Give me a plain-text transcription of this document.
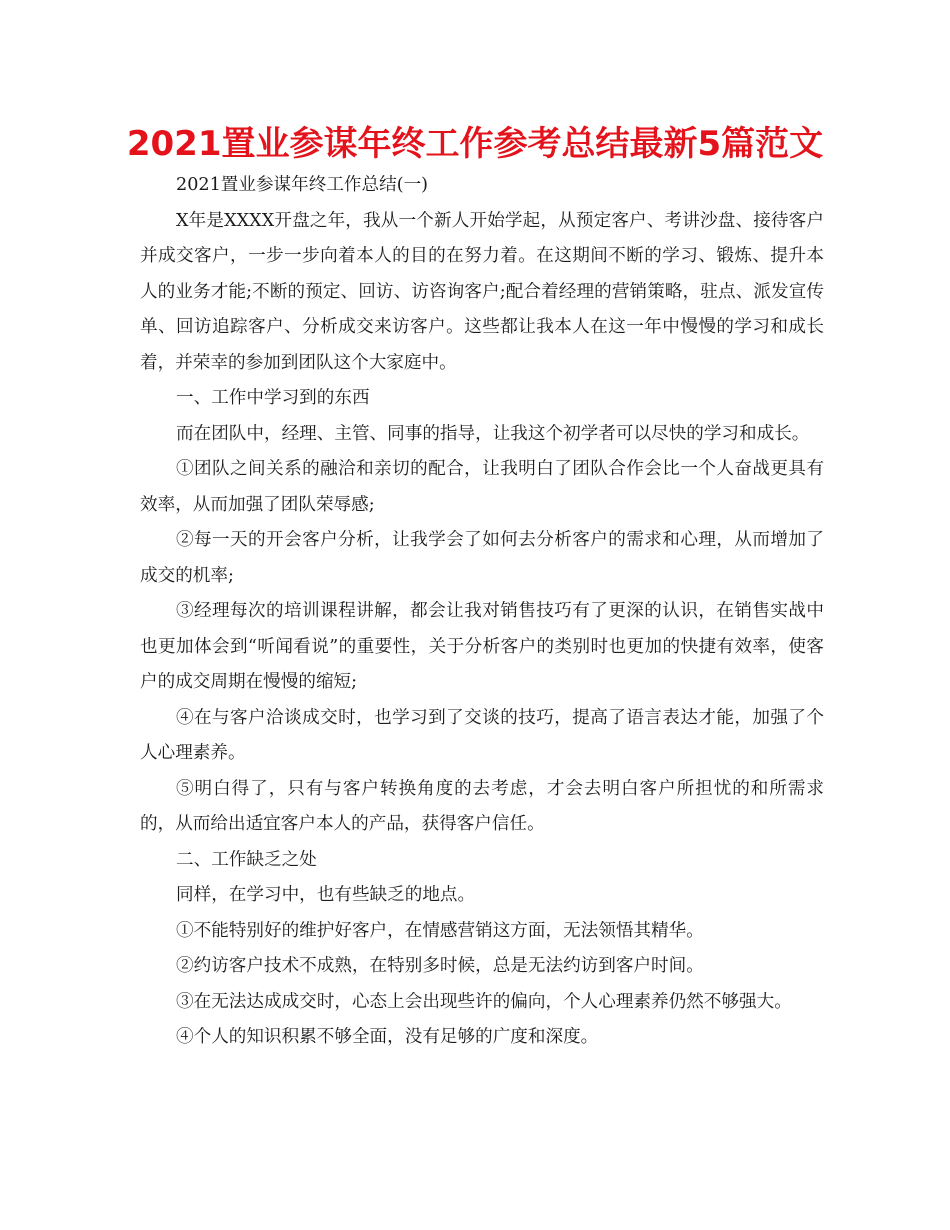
2021置业参谋年终工作参考总结最新5篇范文

2021置业参谋年终工作总结(一)

X年是XXXX开盘之年，我从一个新人开始学起，从预定客户、考讲沙盘、接待客户并成交客户，一步一步向着本人的目的在努力着。在这期间不断的学习、锻炼、提升本人的业务才能;不断的预定、回访、访咨询客户;配合着经理的营销策略，驻点、派发宣传单、回访追踪客户、分析成交来访客户。这些都让我本人在这一年中慢慢的学习和成长着，并荣幸的参加到团队这个大家庭中。

一、工作中学习到的东西

而在团队中，经理、主管、同事的指导，让我这个初学者可以尽快的学习和成长。

①团队之间关系的融洽和亲切的配合，让我明白了团队合作会比一个人奋战更具有效率，从而加强了团队荣辱感;

②每一天的开会客户分析，让我学会了如何去分析客户的需求和心理，从而增加了成交的机率;

③经理每次的培训课程讲解，都会让我对销售技巧有了更深的认识，在销售实战中也更加体会到“听闻看说”的重要性，关于分析客户的类别时也更加的快捷有效率，使客户的成交周期在慢慢的缩短;

④在与客户洽谈成交时，也学习到了交谈的技巧，提高了语言表达才能，加强了个人心理素养。

⑤明白得了，只有与客户转换角度的去考虑，才会去明白客户所担忧的和所需求的，从而给出适宜客户本人的产品，获得客户信任。

二、工作缺乏之处

同样，在学习中，也有些缺乏的地点。

①不能特别好的维护好客户，在情感营销这方面，无法领悟其精华。

②约访客户技术不成熟，在特别多时候，总是无法约访到客户时间。

③在无法达成成交时，心态上会出现些许的偏向，个人心理素养仍然不够强大。

④个人的知识积累不够全面，没有足够的广度和深度。
